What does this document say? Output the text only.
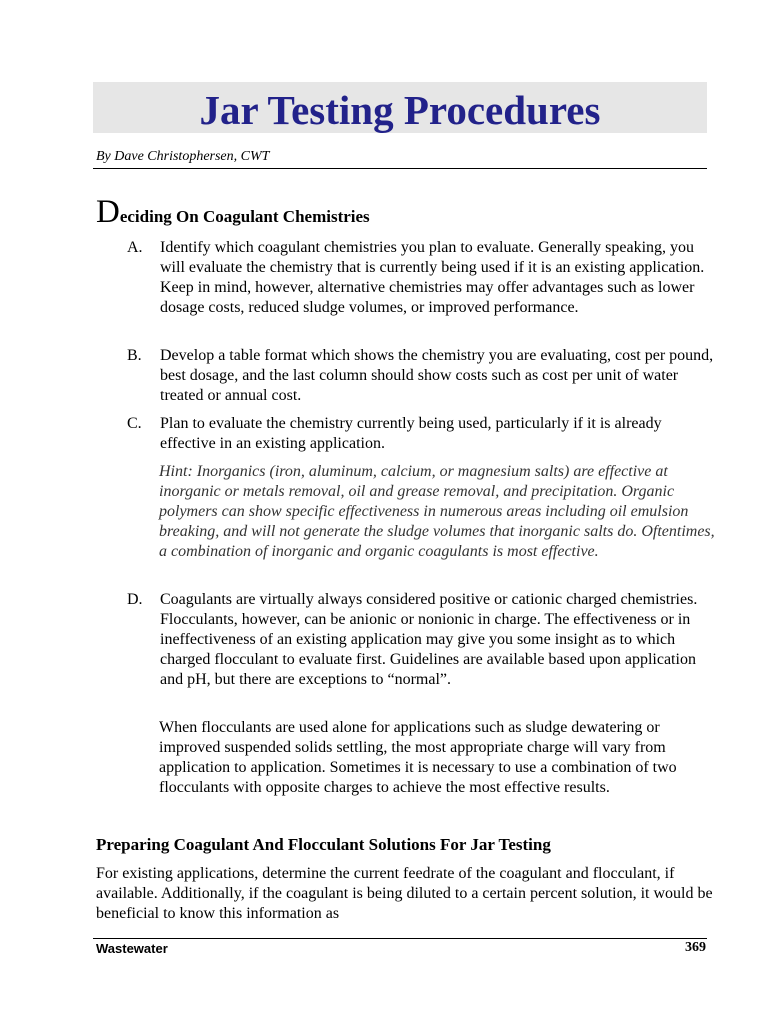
Jar Testing Procedures
By Dave Christophersen, CWT
Deciding On Coagulant Chemistries
A. Identify which coagulant chemistries you plan to evaluate. Generally speaking, you will evaluate the chemistry that is currently being used if it is an existing application. Keep in mind, however, alternative chemistries may offer advantages such as lower dosage costs, reduced sludge volumes, or improved performance.
B. Develop a table format which shows the chemistry you are evaluating, cost per pound, best dosage, and the last column should show costs such as cost per unit of water treated or annual cost.
C. Plan to evaluate the chemistry currently being used, particularly if it is already effective in an existing application.
Hint: Inorganics (iron, aluminum, calcium, or magnesium salts) are effective at inorganic or metals removal, oil and grease removal, and precipitation. Organic polymers can show specific effectiveness in numerous areas including oil emulsion breaking, and will not generate the sludge volumes that inorganic salts do. Oftentimes, a combination of inorganic and organic coagulants is most effective.
D. Coagulants are virtually always considered positive or cationic charged chemistries. Flocculants, however, can be anionic or nonionic in charge. The effectiveness or in ineffectiveness of an existing application may give you some insight as to which charged flocculant to evaluate first. Guidelines are available based upon application and pH, but there are exceptions to “normal”.
When flocculants are used alone for applications such as sludge dewatering or improved suspended solids settling, the most appropriate charge will vary from application to application. Sometimes it is necessary to use a combination of two flocculants with opposite charges to achieve the most effective results.
Preparing Coagulant And Flocculant Solutions For Jar Testing
For existing applications, determine the current feedrate of the coagulant and flocculant, if available. Additionally, if the coagulant is being diluted to a certain percent solution, it would be beneficial to know this information as
Wastewater	369
